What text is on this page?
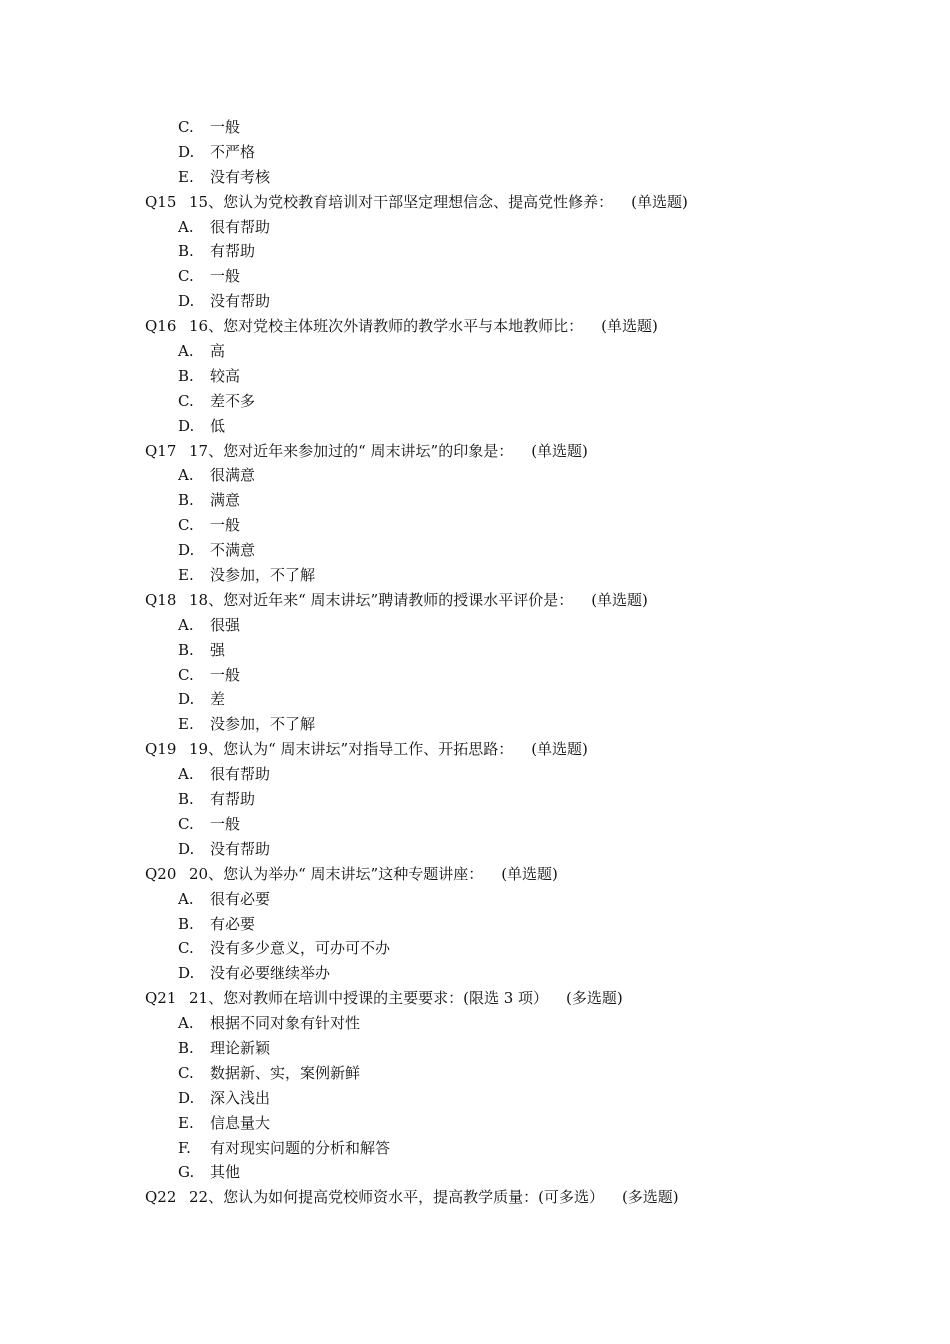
C. 一般
D. 不严格
E. 没有考核
Q15 15、您认为党校教育培训对干部坚定理想信念、提高党性修养： (单选题)
A. 很有帮助
B. 有帮助
C. 一般
D. 没有帮助
Q16 16、您对党校主体班次外请教师的教学水平与本地教师比： (单选题)
A. 高
B. 较高
C. 差不多
D. 低
Q17 17、您对近年来参加过的“ 周末讲坛”的印象是： (单选题)
A. 很满意
B. 满意
C. 一般
D. 不满意
E. 没参加，不了解
Q18 18、您对近年来“ 周末讲坛”聘请教师的授课水平评价是： (单选题)
A. 很强
B. 强
C. 一般
D. 差
E. 没参加，不了解
Q19 19、您认为“ 周末讲坛”对指导工作、开拓思路： (单选题)
A. 很有帮助
B. 有帮助
C. 一般
D. 没有帮助
Q20 20、您认为举办“ 周末讲坛”这种专题讲座： (单选题)
A. 很有必要
B. 有必要
C. 没有多少意义，可办可不办
D. 没有必要继续举办
Q21 21、您对教师在培训中授课的主要要求：(限选 3 项） (多选题)
A. 根据不同对象有针对性
B. 理论新颖
C. 数据新、实，案例新鲜
D. 深入浅出
E. 信息量大
F. 有对现实问题的分析和解答
G. 其他
Q22 22、您认为如何提高党校师资水平，提高教学质量：(可多选） (多选题)
